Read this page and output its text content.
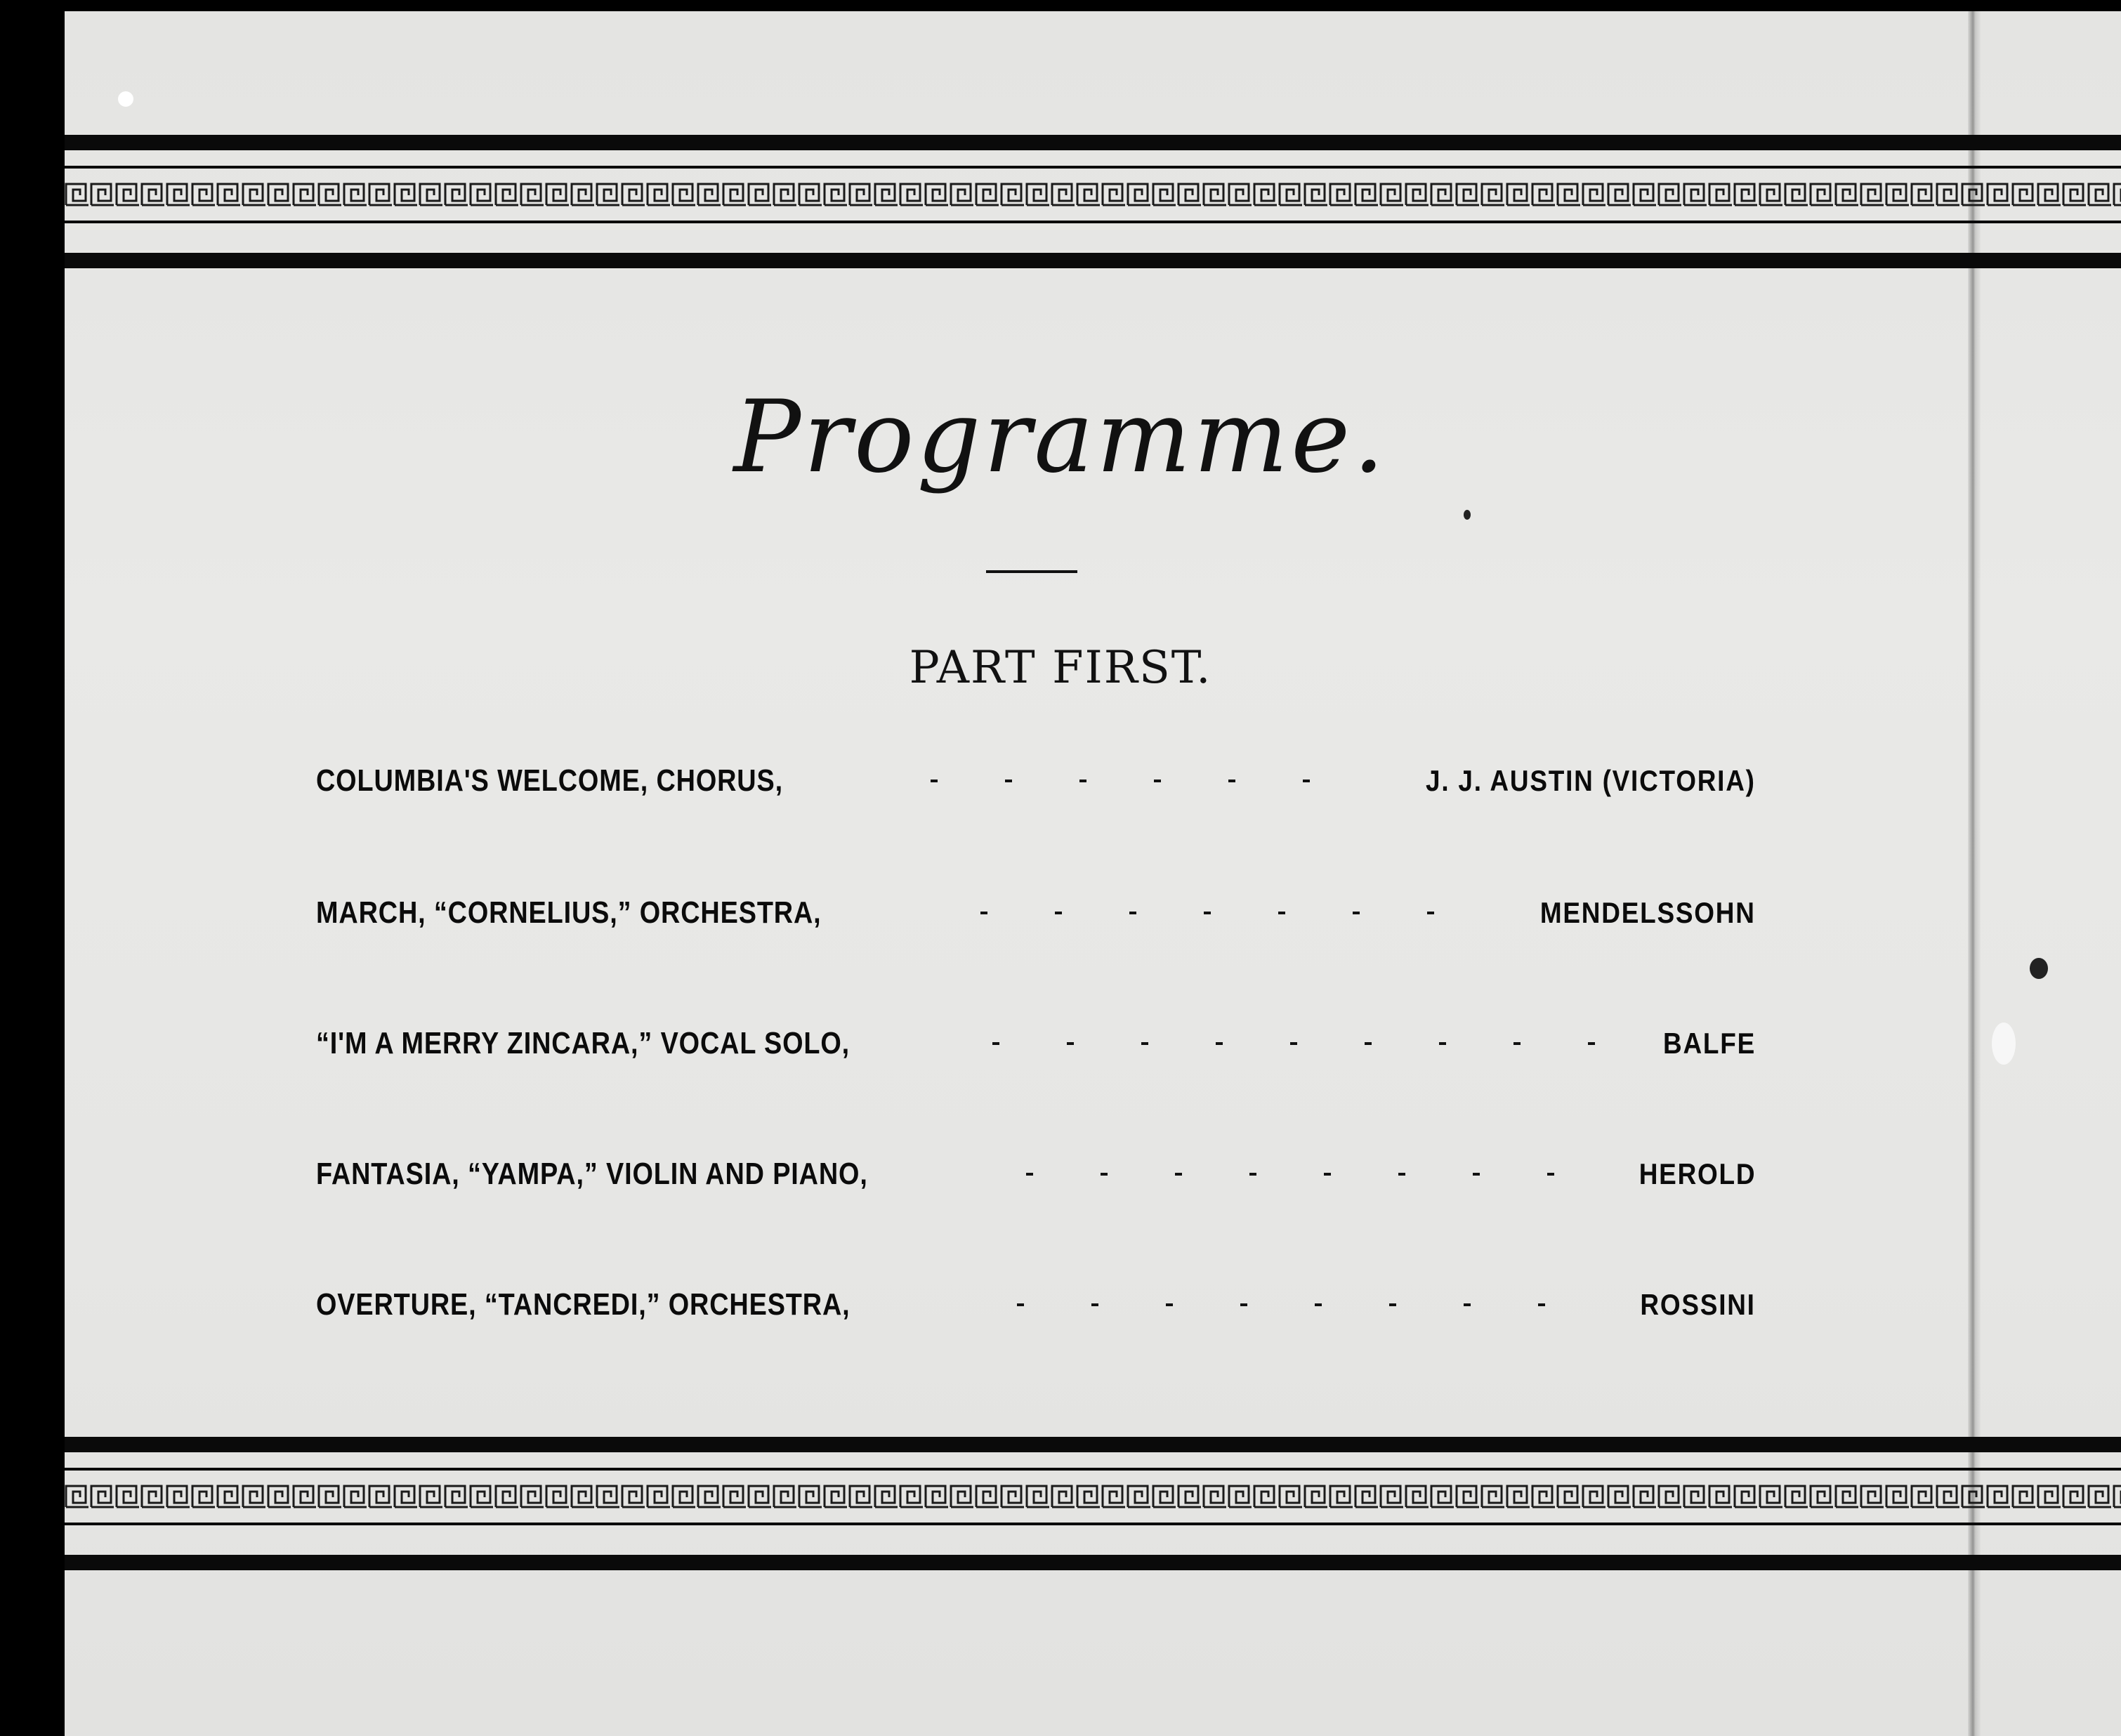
Programme.
PART FIRST.
COLUMBIA'S WELCOME, CHORUS,	J. J. AUSTIN (VICTORIA)
MARCH, “CORNELIUS,” ORCHESTRA,	MENDELSSOHN
“I'M A MERRY ZINCARA,” VOCAL SOLO,	BALFE
FANTASIA, “YAMPA,” VIOLIN AND PIANO,	HEROLD
OVERTURE, “TANCREDI,” ORCHESTRA,	ROSSINI
